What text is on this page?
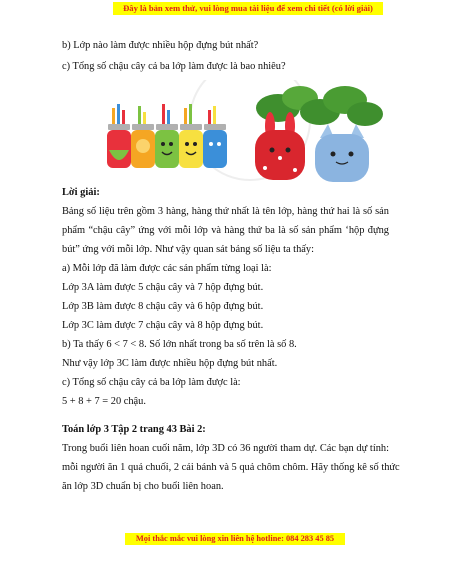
Đây là bản xem thử, vui lòng mua tài liệu để xem chi tiết (có lời giải)
b) Lớp nào làm được nhiều hộp đựng bút nhất?
c) Tổng số chậu cây cả ba lớp làm được là bao nhiêu?
Lời giải:
Bảng số liệu trên gồm 3 hàng, hàng thứ nhất là tên lớp, hàng thứ hai là số sản
phẩm “chậu cây” ứng với mỗi lớp và hàng thứ ba là số sản phẩm ‘hộp đựng
bút” ứng với mỗi lớp. Như vậy quan sát bảng số liệu ta thấy:
a) Mỗi lớp đã làm được các sản phẩm từng loại là:
Lớp 3A làm được 5 chậu cây và 7 hộp đựng bút.
Lớp 3B làm được 8 chậu cây và 6 hộp đựng bút.
Lớp 3C làm được 7 chậu cây và 8 hộp đựng bút.
b) Ta thấy 6 < 7 < 8. Số lớn nhất trong ba số trên là số 8.
Như vậy lớp 3C làm được nhiều hộp đựng bút nhất.
c) Tổng số chậu cây cả ba lớp làm được là:
5 + 8 + 7 = 20 chậu.
Toán lớp 3 Tập 2 trang 43 Bài 2:
Trong buổi liên hoan cuối năm, lớp 3D có 36 người tham dự. Các bạn dự tính:
mỗi người ăn 1 quả chuối, 2 cái bánh và 5 quả chôm chôm. Hãy thống kê số thức
ăn lớp 3D chuẩn bị cho buổi liên hoan.
Mọi thắc mắc vui lòng xin liên hệ hotline: 084 283 45 85
